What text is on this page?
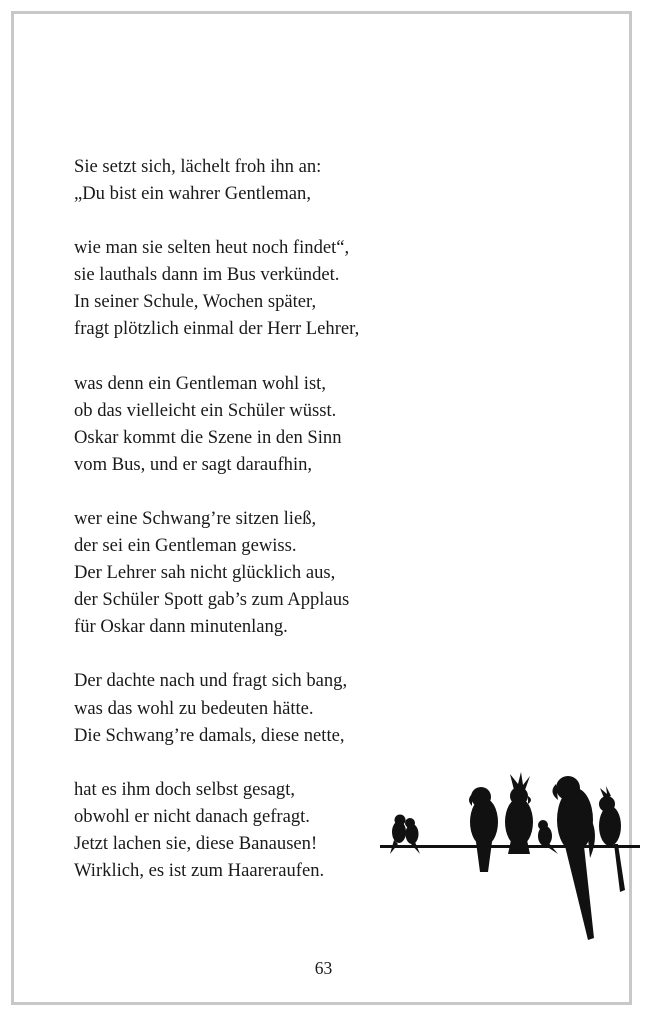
Sie setzt sich, lächelt froh ihn an:
„Du bist ein wahrer Gentleman,
wie man sie selten heut noch findet“,
sie lauthals dann im Bus verkündet.
In seiner Schule, Wochen später,
fragt plötzlich einmal der Herr Lehrer,
was denn ein Gentleman wohl ist,
ob das vielleicht ein Schüler wüsst.
Oskar kommt die Szene in den Sinn
vom Bus, und er sagt daraufhin,
wer eine Schwang’re sitzen ließ,
der sei ein Gentleman gewiss.
Der Lehrer sah nicht glücklich aus,
der Schüler Spott gab’s zum Applaus
für Oskar dann minutenlang.
Der dachte nach und fragt sich bang,
was das wohl zu bedeuten hätte.
Die Schwang’re damals, diese nette,
hat es ihm doch selbst gesagt,
obwohl er nicht danach gefragt.
Jetzt lachen sie, diese Banausen!
Wirklich, es ist zum Haareraufen.
63
